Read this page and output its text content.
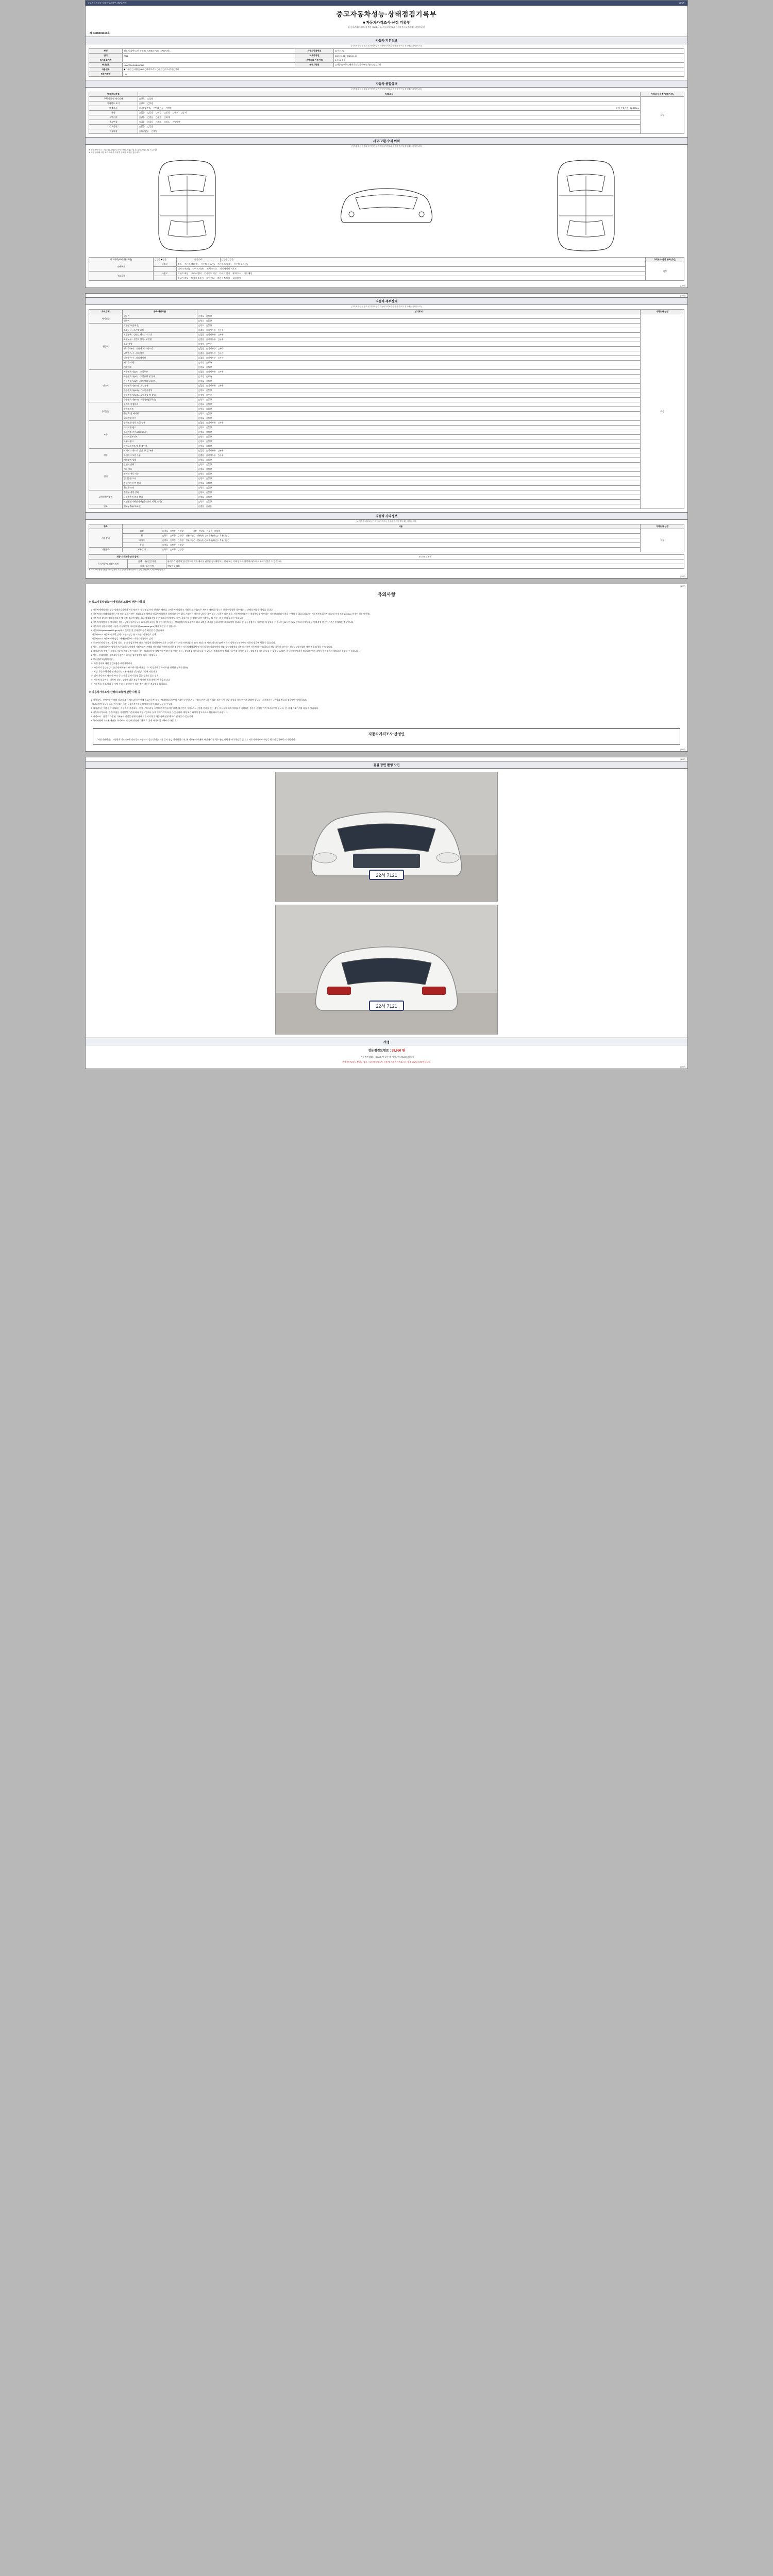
중고자동차성능·상태점검기록부 (제2호서식)	(1/4면)
중고자동차성능·상태점검기록부
■ 자동차가격조사·산정 기록부
[자동차관리법 시행규칙 별지 제82호서식 / 자동차가격조사·산정을 받으실 경우에만 기재합니다]
제 0426001415호
자동차 기본정보
(가격조사·산정 범위 및 책임사항은 자동차가격조사·산정을 받으실 경우에만 기재합니다)
차명	쉐보레(올란드)더 뉴 1.35 TURBO FWD (4WD모델 )	자동차등록번호	22서7121
연식	2021	최초등록일	2020-11-11 / 2020-11-10
검사유효기간		주행거리 기준가액	0 0 0 0 0 원
차대번호	KLAP05ILZMB097543	변속기종류	◻자동 ◻수동 ◻세미오토 ◻무단변속기(CVT) ◻기타
사용연료	◼가솔린 ◻디젤 ◻LPG ◻하이브리드 ◻전기 ◻수소전기 ◻기타		
원동기형식	L3T		
자동차 종합상태
(가격조사·산정 범위 및 책임사항은 자동차가격조사·산정을 받으실 경우에만 기재합니다)
항목/해당부품	상태표시	가격조사·산정 항목(가감)
주행거리 및 계기상태	◻양호 ◻불량	적정
차대번호 표기	◻양호 ◻불량	
배출가스	◻일산화탄소 ◻탄화수소 ◻매연 현재 주행거리 : 76,889km	

튜닝	◻없음 ◻있음 ◻적법 ◻불법 ◻구조 ◻장치	
특별이력	◻없음 ◻있음 ◻침수 ◻화재	
용도변경	◻없음 ◻있음 ◻렌트 ◻리스 ◻영업용	
주요옵션	◻없음 ◻있음	
리콜대상	◻해당없음 ◻해당	
사고·교환·수리 이력
(가격조사·산정 범위 및 책임사항은 자동차가격조사·산정을 받으실 경우에만 기재합니다)
※ 상태표시 부호 : X (교환), W (판금 또는 용접), C (부식), A (흠집), U (요철), T (손상)
※ 차량 상태에 대한 표기로서 각 부위별 상태를 표시한 것입니다.
사고이력(표시내용 포함)	◻없음 ◼있음	단순수리	◻없음 ◻있음	가격조사·산정 항목(가감)
외판부위	1랭크	후드 프론트 휀더(좌) 프론트 휀더(우) 프론트 도어(좌) 프론트 도어(우)		적정
		리어 도어(좌) 리어 도어(우) 트렁크 리드 라디에이터 서포트		
주요골격	2랭크	프론트 패널 크로스 멤버 인사이드 패널 사이드 멤버 휠 하우스 대쉬 패널		
		플로어 패널 트렁크 플로어 리어 패널 패키지 트레이 필러 패널		
(1/4면)
(2/4면)
자동차 세부상태
(가격조사·산정 범위 및 책임사항은 자동차가격조사·산정을 받으실 경우에만 기재합니다)
주요장치	항목/해당부품	상태표시	가격조사·산정
자기진단	원동기	◻양호 ◻불량	적정
	변속기	◻양호 ◻불량	
원동기	작동상태(공회전)	◻양호 ◻불량	
	오일누유 - 로커암 커버	◻없음 ◻미세누유 ◻누유	
	오일누유 - 실린더 헤드 / 가스켓	◻없음 ◻미세누유 ◻누유	
	오일누유 - 실린더 블록 / 오일팬	◻없음 ◻미세누유 ◻누유	
	오일 유량	◻적정 ◻부족	
	냉각수 누수 - 실린더 헤드/가스켓	◻없음 ◻미세누수 ◻누수	
	냉각수 누수 - 워터펌프	◻없음 ◻미세누수 ◻누수	
	냉각수 누수 - 라디에이터	◻없음 ◻미세누수 ◻누수	
	냉각수 수량	◻적정 ◻부족	
	커먼레일	◻양호 ◻불량	
변속기	자동변속기(A/T) - 오일누유	◻없음 ◻미세누유 ◻누유	
	자동변속기(A/T) - 오일유량 및 상태	◻적정 ◻부족	
	자동변속기(A/T) - 작동상태(공회전)	◻양호 ◻불량	
	수동변속기(M/T) - 오일누유	◻없음 ◻미세누유 ◻누유	
	수동변속기(M/T) - 기어변속장치	◻양호 ◻불량	
	수동변속기(M/T) - 오일유량 및 상태	◻적정 ◻부족	
	수동변속기(M/T) - 작동상태(공회전)	◻양호 ◻불량	
동력전달	클러치 어셈블리	◻양호 ◻불량	
	등속조인트	◻양호 ◻불량	
	추진축 및 베어링	◻양호 ◻불량	
	디퍼렌셜 기어	◻양호 ◻불량	
조향	동력조향 작동 오일 누유	◻없음 ◻미세누유 ◻누유	
	스티어링 펌프	◻양호 ◻불량	
	스티어링 기어(MDPS포함)	◻양호 ◻불량	
	스티어링조인트	◻양호 ◻불량	
	파워크랭크	◻양호 ◻불량	
	타이로드엔드 및 볼 조인트	◻양호 ◻불량	
제동	브레이크 마스터 실린더오일 누유	◻없음 ◻미세누유 ◻누유	
	브레이크 오일 누유	◻없음 ◻미세누유 ◻누유	
	배력장치 상태	◻양호 ◻불량	
전기	발전기 출력	◻양호 ◻불량	
	시동 모터	◻양호 ◻불량	
	와이퍼 전동 기능	◻양호 ◻불량	
	실내송풍 모터	◻양호 ◻불량	
	라디에이터 팬 모터	◻양호 ◻불량	
	윈도우 모터	◻양호 ◻불량	
고전원전기장치	충전구 절연 상태	◻양호 ◻불량	
	구동축전지 격리 상태	◻양호 ◻불량	
	고전원전기배선 상태(접속단자, 피복, 손상)	◻양호 ◻불량	
연료	연료누출(LPG포함)	◻없음 ◻있음	
자동차 기타정보
(※ 항목별 세부내용은 자동차가격조사·산정을 받으실 경우에만 기재합니다)
항목		내용	가격조사·산정
사용상태	외장	◻양호 ◻보통 ◻불량 내장 ◻양호 ◻보통 ◻불량	적정
	휠	◻양호 ◻보통 ◻불량 전륜(좌) ◻ / 전륜(우) ◻ / 후륜(좌) ◻ / 후륜(우) ◻	
	타이어	◻양호 ◻보통 ◻불량 전륜(좌) ◻ / 전륜(우) ◻ / 후륜(좌) ◻ / 후륜(우) ◻	
	유리	◻양호 ◻보통 ◻불량	
기본품목	보유상태	◻양호 ◻보통 ◻불량	
최종 가격조사·산정 금액		0 0 0 0 0 천원
특기사항 및 점검자의견	금액 - 내부검검가격	판매가격 산정에 있어 별도의 기준 제시를 권장합니다 해당되는 결과 또는 거래 당사자 합의에 따라 다소 차이가 있을 수 있습니다.
	가격 - 조사산정	해당사항 없음
※ 가격조사·산정자料는 상태항목의 가감가격조사에 대하여 각각의 기재란에 기재하여야 합니다.
(2/4면)
(3/4면)
유의사항
※ 중고자동차성능·상태점검의 보증에 관한 사항 등

1. 자동차매매업자는 성능·상태점검자에게 자동차(이하 "성능점검자"라 한다)에 내용을 고지하지 아니하고 거래로 교지할(모두 제시한 내용)을 성능기 상태가 발생한 경우에는 그 손해를 배상할 책임을 집니다.

2. 자동차성능상태점검기록 기간 또는 고객가 만든 점검표준과 내용을 매입자에 대해서 설정기간 동안 취득 거래에서 내용이 나타난 경우 성능 - 내용가 다른 경우, 자동차매매업자는 점검책임을 져야 하는 성능상태점검 내용을 수행할 수 있습니다(다만, 자동차인도일로부터 30일 이내 또는 2000km 이내인 경우에 한함).

3. 자동차의 실내에 설치기기/또는 또 마킹, 보증관계의 1,000 점검대비에 할 손상/보증기계 해당 때 번, 보증기한 간접물론하여 이상이나 되 여부, 그 중 판매 도내한 것을 위한

4. 자동차매매업자 중 고지대한 성능 - 상태점검기록부에 표시내역 고지된 때 판매 자동차성능 - 상태점검자의 보증범위 외로 교환수 고시를 참고하여야 고지하여야 됩니다. 본 성능점검기록 기간이동에 참고할 수 있으며 (24시간 RUN 판매되어 책임자 중 판매결정 된 판단기준은 판매되는 경우입니다.

5. 자동차의 권한에 관한 사항은 자동차민원 대국민포털(www.ecar.go.kr)에서 확인할 수 있습니다.

6. 자동차365(www.car365.go.kr)에서 실적별 및 검사정보 등을 확인할 수 있습니다.

- 자동차365 > 자동차 실적별 검색 / 자동차성능 등 > 자동차등록번호 검색

- 자동차365 > 자동차 이력검검 : 매매용자동차 > 자동차등록번호 검색

2. 중고자동차의 구조 - 장치별 성능 - 상태 점검기록에 따라 거래금액 결정하지가 차가 고지한 차가 [자동차관리법 제 80조 제5호 및 제7호에 따라 (5년 이하의 징역 또는 5천만원 이하의 벌금에 처할 수 있습니다.

3. 성능 - 상태점검자가 발행기간(무료기준) 이내에 거래사고자 손해와 성능점검 손해에 의거한 경우에는 자동차매매업체 및 자동차성능점검자에게 책임(성능상태점검 내용이 기록된 자동차에 한함)있으나 해당 자동차소유자는 성능 - 상태점검의 내용 변경 요청할 수 있습니다.

4. 매매업자의 인정된 시고로 사항이 주요 골격 부위의 경우, 불법조성 및 불법구조 변경된 경우에는 성능 - 상태점검 내용과 다를 수 있으며, 불법조성 및 불법구조 변경 사항은 성능 - 상태점검 내용과 다를 수 있습니다(다만, 자동차매매업자가 보증하는 범위 내에서 판매업자의 책임으로 주장할 수 있습니다).

5. 성능 - 상태점검은 국토교통부장관이 고시한 검사방법에 따라 시행합니다.

6. 보증범위 외 (법적기준)

가. 차량 상태에 대한 점검내용은 제한적입니다.

나. 자동차의 성능점검의 손상/손해여부와 사고에 대한 내용을 다르게 상술하지 마세요(단 변화한 상태를 함유)

다. 보증 기간/주행거리 및 해당되는 모든 내용은 성능점검 기준에 따릅니다.

라. 검사 자동차의 제조기/ 부속 중 고객과 실제가 불량 있는 경우의 있는 실재

마. 자동차 보증여부 : 자동차 성능 - 상태에 대한 보증은 명시된 범위 내에서만 유효합니다.

바. 자동차를 수리/점검 등 자체 수리 시 발생할 수 있는 추가 비용은 보증범위 외입니다.

※ 자동차가격조사·산정의 보증에 관한 사항 등

1. 가격조사 - 산정자는 이에의 실증기 또는 성능/자의 이내에 중고자동차 성능 - 상태점검기록부에 기재된 (가격조사 - 산정의 관한 내용이 있는 경우 등에 관한 사항을 성능/자에게 알려야 합니다. (가격조사사 - 산정을 받으실 경우에만 기재합니다)

- 매입하여야 합니다 (내용기기 또한 가능 실증가격가치를 실재의 내용에 따라 구분될 수 있음)

2. 매매업자는 매수인이 거래되는 자동차의 가격조사 - 산정 선택의사를 서면으로 확인하여야 하며, 매수인이 가격조사 - 산정을 원하지 않는 경우 그 사항에 따라 매매하여 거래되는 경우가 산정된 가격 고지하여야 합니다. 단, 실제 거래가격과 다를 수 있습니다.

3. 자동차가격조사 - 산정 내용은 가격산정 기준에 따라 작성되었으나 실제 거래가격과 다를 수 있습니다. 해당조건 하에서 참고자료로 활용하시기 바랍니다.

4. 가격조사 - 산정 가격은 본 기록부의 점검일 현재의 상태 기준이며 향후 차량 상태 변동에 따라 달라질 수 있습니다.

5. 특기사항에 기재된 내용은 가격조사 - 산정에 반영된 내용으로 실제 거래시 참고하시기 바랍니다.

자동차가격조사·산정인
「자동차관리법」 시행규칙 제120조에 따라 중고자동차의 성능·상태를 위와 같이 점검·확인하였으며, 본 기록부의 내용이 사실과 다를 경우 관련 법령에 따라 책임을 집니다. 자동차가격조사·산정을 받으실 경우에만 기재합니다.
(3/4면)
(4/4면)
점검 장면 촬영 사진
22서 7121
22서 7121
서명
성능점검보험료 : 59,950 원
「자동차관리법」 제58조 및 같은 법 시행규칙 제120조에 따라
중고자동차성능·상태를 검사 / 자동차가격조사·산정 및 자동차가격조사·산정을 하였음을 확인합니다.
(4/4면)
